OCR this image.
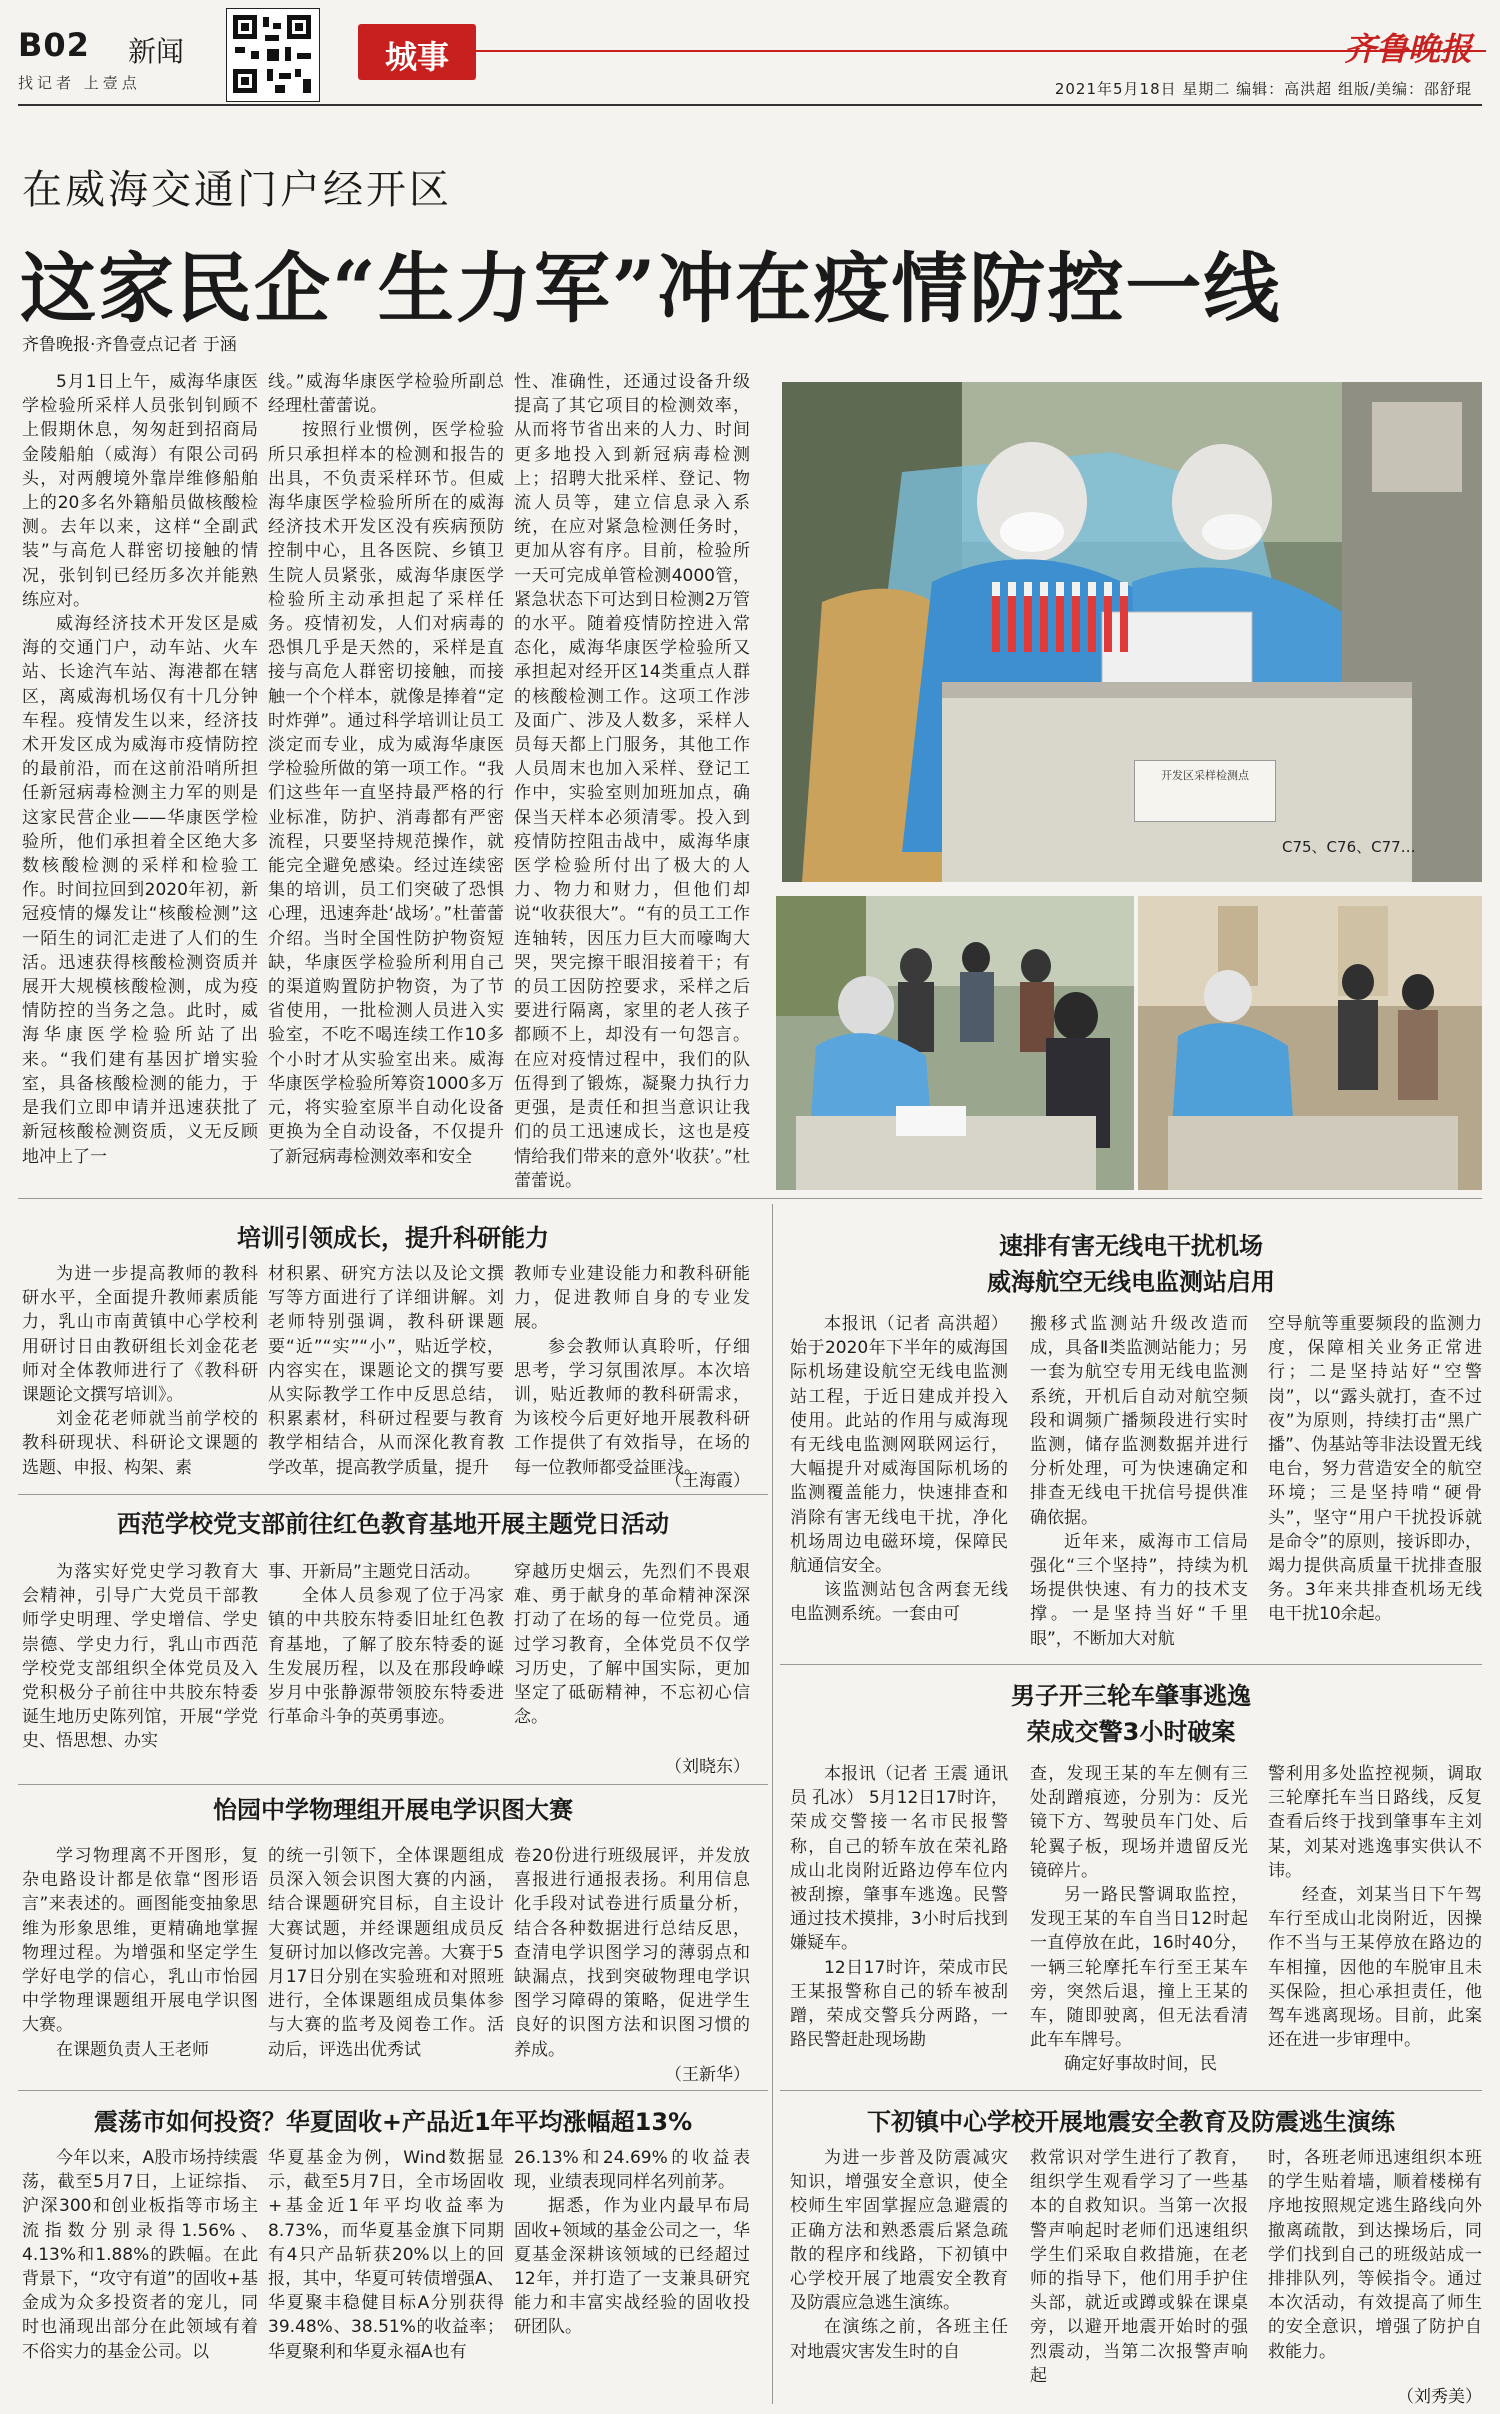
B02 新闻
找记者 上壹点
城事	齐鲁晚报
2021年5月18日 星期二 编辑：高洪超 组版/美编：邵舒琨
在威海交通门户经开区
这家民企“生力军”冲在疫情防控一线
齐鲁晚报·齐鲁壹点记者 于涵

5月1日上午，威海华康医学检验所采样人员张钊钊顾不上假期休息，匆匆赶到招商局金陵船舶（威海）有限公司码头，对两艘境外靠岸维修船舶上的20多名外籍船员做核酸检测。去年以来，这样“全副武装”与高危人群密切接触的情况，张钊钊已经历多次并能熟练应对。

威海经济技术开发区是威海的交通门户，动车站、火车站、长途汽车站、海港都在辖区，离威海机场仅有十几分钟车程。疫情发生以来，经济技术开发区成为威海市疫情防控的最前沿，而在这前沿哨所担任新冠病毒检测主力军的则是这家民营企业——华康医学检验所，他们承担着全区绝大多数核酸检测的采样和检验工作。时间拉回到2020年初，新冠疫情的爆发让“核酸检测”这一陌生的词汇走进了人们的生活。迅速获得核酸检测资质并展开大规模核酸检测，成为疫情防控的当务之急。此时，威海华康医学检验所站了出来。“我们建有基因扩增实验室，具备核酸检测的能力，于是我们立即申请并迅速获批了新冠核酸检测资质，义无反顾地冲上了一

线。”威海华康医学检验所副总经理杜蕾蕾说。

按照行业惯例，医学检验所只承担样本的检测和报告的出具，不负责采样环节。但威海华康医学检验所所在的威海经济技术开发区没有疾病预防控制中心，且各医院、乡镇卫生院人员紧张，威海华康医学检验所主动承担起了采样任务。疫情初发，人们对病毒的恐惧几乎是天然的，采样是直接与高危人群密切接触，而接触一个个样本，就像是捧着“定时炸弹”。通过科学培训让员工淡定而专业，成为威海华康医学检验所做的第一项工作。“我们这些年一直坚持最严格的行业标准，防护、消毒都有严密流程，只要坚持规范操作，就能完全避免感染。经过连续密集的培训，员工们突破了恐惧心理，迅速奔赴‘战场’。”杜蕾蕾介绍。当时全国性防护物资短缺，华康医学检验所利用自己的渠道购置防护物资，为了节省使用，一批检测人员进入实验室，不吃不喝连续工作10多个小时才从实验室出来。威海华康医学检验所筹资1000多万元，将实验室原半自动化设备更换为全自动设备，不仅提升了新冠病毒检测效率和安全

性、准确性，还通过设备升级提高了其它项目的检测效率，从而将节省出来的人力、时间更多地投入到新冠病毒检测上；招聘大批采样、登记、物流人员等，建立信息录入系统，在应对紧急检测任务时，更加从容有序。目前，检验所一天可完成单管检测4000管，紧急状态下可达到日检测2万管的水平。随着疫情防控进入常态化，威海华康医学检验所又承担起对经开区14类重点人群的核酸检测工作。这项工作涉及面广、涉及人数多，采样人员每天都上门服务，其他工作人员周末也加入采样、登记工作中，实验室则加班加点，确保当天样本必须清零。投入到疫情防控阻击战中，威海华康医学检验所付出了极大的人力、物力和财力，但他们却说“收获很大”。“有的员工工作连轴转，因压力巨大而嚎啕大哭，哭完擦干眼泪接着干；有的员工因防控要求，采样之后要进行隔离，家里的老人孩子都顾不上，却没有一句怨言。在应对疫情过程中，我们的队伍得到了锻炼，凝聚力执行力更强，是责任和担当意识让我们的员工迅速成长，这也是疫情给我们带来的意外‘收获’。”杜蕾蕾说。

开发区采样检测点
C75、C76、C77…
培训引领成长，提升科研能力

为进一步提高教师的教科研水平，全面提升教师素质能力，乳山市南黄镇中心学校利用研讨日由教研组长刘金花老师对全体教师进行了《教科研课题论文撰写培训》。

刘金花老师就当前学校的教科研现状、科研论文课题的选题、申报、构架、素

材积累、研究方法以及论文撰写等方面进行了详细讲解。刘老师特别强调，教科研课题要“近”“实”“小”，贴近学校，内容实在，课题论文的撰写要从实际教学工作中反思总结，积累素材，科研过程要与教育教学相结合，从而深化教育教学改革，提高教学质量，提升

教师专业建设能力和教科研能力，促进教师自身的专业发展。

参会教师认真聆听，仔细思考，学习氛围浓厚。本次培训，贴近教师的教科研需求，为该校今后更好地开展教科研工作提供了有效指导，在场的每一位教师都受益匪浅。

（王海霞）
西范学校党支部前往红色教育基地开展主题党日活动

为落实好党史学习教育大会精神，引导广大党员干部教师学史明理、学史增信、学史崇德、学史力行，乳山市西范学校党支部组织全体党员及入党积极分子前往中共胶东特委诞生地历史陈列馆，开展“学党史、悟思想、办实

事、开新局”主题党日活动。

全体人员参观了位于冯家镇的中共胶东特委旧址红色教育基地，了解了胶东特委的诞生发展历程，以及在那段峥嵘岁月中张静源带领胶东特委进行革命斗争的英勇事迹。

穿越历史烟云，先烈们不畏艰难、勇于献身的革命精神深深打动了在场的每一位党员。通过学习教育，全体党员不仅学习历史，了解中国实际，更加坚定了砥砺精神，不忘初心信念。

（刘晓东）
怡园中学物理组开展电学识图大赛

学习物理离不开图形，复杂电路设计都是依靠“图形语言”来表述的。画图能变抽象思维为形象思维，更精确地掌握物理过程。为增强和坚定学生学好电学的信心，乳山市怡园中学物理课题组开展电学识图大赛。

在课题负责人王老师

的统一引领下，全体课题组成员深入领会识图大赛的内涵，结合课题研究目标，自主设计大赛试题，并经课题组成员反复研讨加以修改完善。大赛于5月17日分别在实验班和对照班进行，全体课题组成员集体参与大赛的监考及阅卷工作。活动后，评选出优秀试

卷20份进行班级展评，并发放喜报进行通报表扬。利用信息化手段对试卷进行质量分析，结合各种数据进行总结反思，查清电学识图学习的薄弱点和缺漏点，找到突破物理电学识图学习障碍的策略，促进学生良好的识图方法和识图习惯的养成。

（王新华）
震荡市如何投资？华夏固收+产品近1年平均涨幅超13%

今年以来，A股市场持续震荡，截至5月7日，上证综指、沪深300和创业板指等市场主流指数分别录得1.56%、4.13%和1.88%的跌幅。在此背景下，“攻守有道”的固收+基金成为众多投资者的宠儿，同时也涌现出部分在此领域有着不俗实力的基金公司。以

华夏基金为例，Wind数据显示，截至5月7日，全市场固收+基金近1年平均收益率为8.73%，而华夏基金旗下同期有4只产品斩获20%以上的回报，其中，华夏可转债增强A、华夏聚丰稳健目标A分别获得39.48%、38.51%的收益率；华夏聚利和华夏永福A也有

26.13%和24.69%的收益表现，业绩表现同样名列前茅。

据悉，作为业内最早布局固收+领域的基金公司之一，华夏基金深耕该领域的已经超过12年，并打造了一支兼具研究能力和丰富实战经验的固收投研团队。

速排有害无线电干扰机场
威海航空无线电监测站启用

本报讯（记者 高洪超） 始于2020年下半年的威海国际机场建设航空无线电监测站工程，于近日建成并投入使用。此站的作用与威海现有无线电监测网联网运行，大幅提升对威海国际机场的监测覆盖能力，快速排查和消除有害无线电干扰，净化机场周边电磁环境，保障民航通信安全。

该监测站包含两套无线电监测系统。一套由可

搬移式监测站升级改造而成，具备Ⅱ类监测站能力；另一套为航空专用无线电监测系统，开机后自动对航空频段和调频广播频段进行实时监测，储存监测数据并进行分析处理，可为快速确定和排查无线电干扰信号提供准确依据。

近年来，威海市工信局强化“三个坚持”，持续为机场提供快速、有力的技术支撑。一是坚持当好“千里眼”，不断加大对航

空导航等重要频段的监测力度，保障相关业务正常进行；二是坚持站好“空警岗”，以“露头就打，查不过夜”为原则，持续打击“黑广播”、伪基站等非法设置无线电台，努力营造安全的航空环境；三是坚持啃“硬骨头”，坚守“用户干扰投诉就是命令”的原则，接诉即办，竭力提供高质量干扰排查服务。3年来共排查机场无线电干扰10余起。

男子开三轮车肇事逃逸
荣成交警3小时破案

本报讯（记者 王震 通讯员 孔冰） 5月12日17时许，荣成交警接一名市民报警称，自己的轿车放在荣礼路成山北岗附近路边停车位内被刮擦，肇事车逃逸。民警通过技术摸排，3小时后找到嫌疑车。

12日17时许，荣成市民王某报警称自己的轿车被刮蹭，荣成交警兵分两路，一路民警赶赴现场勘

查，发现王某的车左侧有三处刮蹭痕迹，分别为：反光镜下方、驾驶员车门处、后轮翼子板，现场并遗留反光镜碎片。

另一路民警调取监控，发现王某的车自当日12时起一直停放在此，16时40分，一辆三轮摩托车行至王某车旁，突然后退，撞上王某的车，随即驶离，但无法看清此车车牌号。

确定好事故时间，民

警利用多处监控视频，调取三轮摩托车当日路线，反复查看后终于找到肇事车主刘某，刘某对逃逸事实供认不讳。

经查，刘某当日下午驾车行至成山北岗附近，因操作不当与王某停放在路边的车相撞，因他的车脱审且未买保险，担心承担责任，他驾车逃离现场。目前，此案还在进一步审理中。

下初镇中心学校开展地震安全教育及防震逃生演练

为进一步普及防震减灾知识，增强安全意识，使全校师生牢固掌握应急避震的正确方法和熟悉震后紧急疏散的程序和线路，下初镇中心学校开展了地震安全教育及防震应急逃生演练。

在演练之前，各班主任对地震灾害发生时的自

救常识对学生进行了教育，组织学生观看学习了一些基本的自救知识。当第一次报警声响起时老师们迅速组织学生们采取自救措施，在老师的指导下，他们用手护住头部，就近或蹲或躲在课桌旁，以避开地震开始时的强烈震动，当第二次报警声响起

时，各班老师迅速组织本班的学生贴着墙，顺着楼梯有序地按照规定逃生路线向外撤离疏散，到达操场后，同学们找到自己的班级站成一排排队列，等候指令。通过本次活动，有效提高了师生的安全意识，增强了防护自救能力。

（刘秀美）
